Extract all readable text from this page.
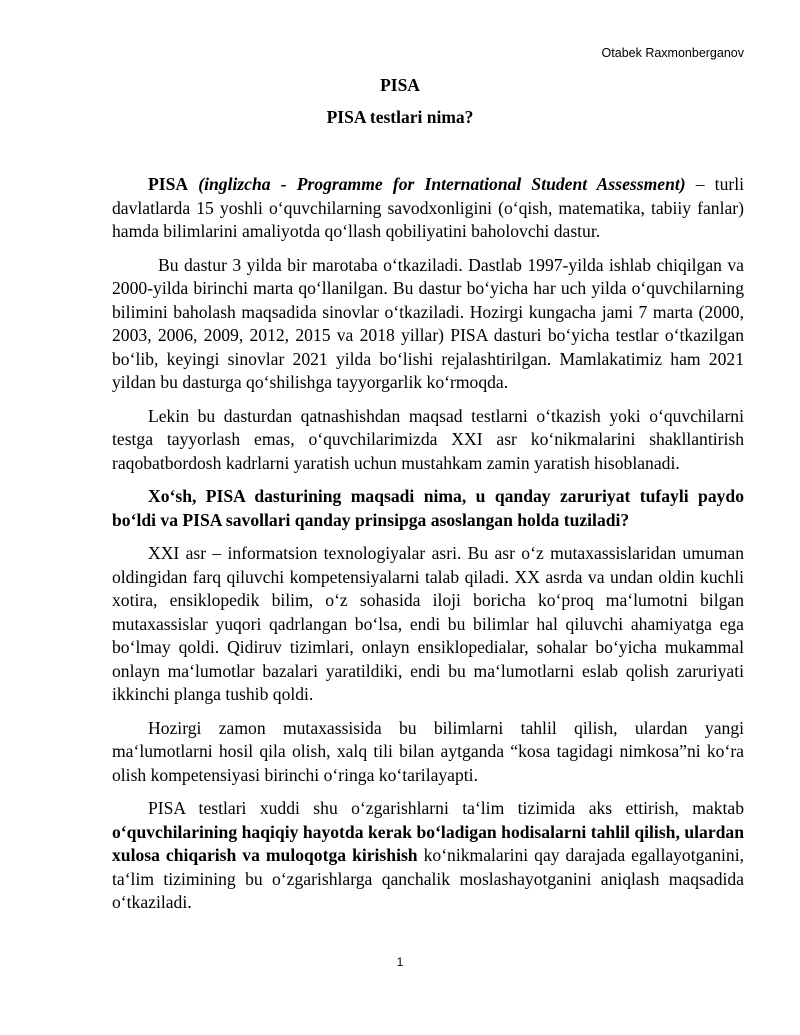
Otabek Raxmonberganov
PISA
PISA testlari nima?

PISA (inglizcha - Programme for International Student Assessment) – turli davlatlarda 15 yoshli o‘quvchilarning savodxonligini (o‘qish, matematika, tabiiy fanlar) hamda bilimlarini amaliyotda qo‘llash qobiliyatini baholovchi dastur.

Bu dastur 3 yilda bir marotaba o‘tkaziladi. Dastlab 1997-yilda ishlab chiqilgan va 2000-yilda birinchi marta qo‘llanilgan. Bu dastur bo‘yicha har uch yilda o‘quvchilarning bilimini baholash maqsadida sinovlar o‘tkaziladi. Hozirgi kungacha jami 7 marta (2000, 2003, 2006, 2009, 2012, 2015 va 2018 yillar) PISA dasturi bo‘yicha testlar o‘tkazilgan bo‘lib, keyingi sinovlar 2021 yilda bo‘lishi rejalashtirilgan. Mamlakatimiz ham 2021 yildan bu dasturga qo‘shilishga tayyorgarlik ko‘rmoqda.

Lekin bu dasturdan qatnashishdan maqsad testlarni o‘tkazish yoki o‘quvchilarni testga tayyorlash emas, o‘quvchilarimizda XXI asr ko‘nikmalarini shakllantirish raqobatbordosh kadrlarni yaratish uchun mustahkam zamin yaratish hisoblanadi.

Xo‘sh, PISA dasturining maqsadi nima, u qanday zaruriyat tufayli paydo bo‘ldi va PISA savollari qanday prinsipga asoslangan holda tuziladi?

XXI asr – informatsion texnologiyalar asri. Bu asr o‘z mutaxassislaridan umuman oldingidan farq qiluvchi kompetensiyalarni talab qiladi. XX asrda va undan oldin kuchli xotira, ensiklopedik bilim, o‘z sohasida iloji boricha ko‘proq ma‘lumotni bilgan mutaxassislar yuqori qadrlangan bo‘lsa, endi bu bilimlar hal qiluvchi ahamiyatga ega bo‘lmay qoldi. Qidiruv tizimlari, onlayn ensiklopedialar, sohalar bo‘yicha mukammal onlayn ma‘lumotlar bazalari yaratildiki, endi bu ma‘lumotlarni eslab qolish zaruriyati ikkinchi planga tushib qoldi.

Hozirgi zamon mutaxassisida bu bilimlarni tahlil qilish, ulardan yangi ma‘lumotlarni hosil qila olish, xalq tili bilan aytganda “kosa tagidagi nimkosa”ni ko‘ra olish kompetensiyasi birinchi o‘ringa ko‘tarilayapti.

PISA testlari xuddi shu o‘zgarishlarni ta‘lim tizimida aks ettirish, maktab o‘quvchilarining haqiqiy hayotda kerak bo‘ladigan hodisalarni tahlil qilish, ulardan xulosa chiqarish va muloqotga kirishish ko‘nikmalarini qay darajada egallayotganini, ta‘lim tizimining bu o‘zgarishlarga qanchalik moslashayotganini aniqlash maqsadida o‘tkaziladi.

1
